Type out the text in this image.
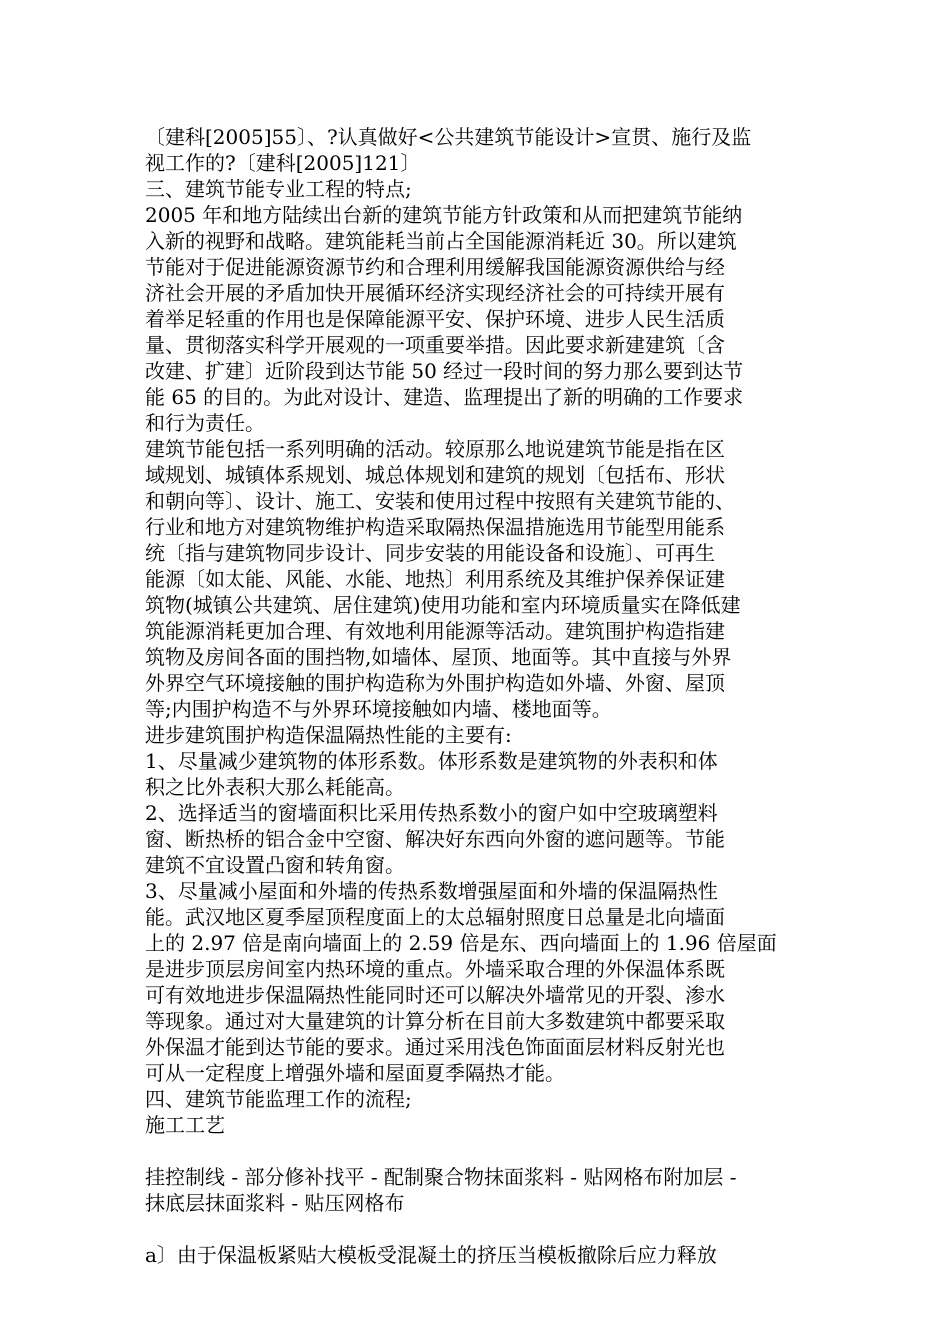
〔建科[2005]55〕、?认真做好<公共建筑节能设计>宣贯、施行及监
视工作的?〔建科[2005]121〕
三、建筑节能专业工程的特点;
2005 年和地方陆续出台新的建筑节能方针政策和从而把建筑节能纳
入新的视野和战略。建筑能耗当前占全国能源消耗近 30。所以建筑
节能对于促进能源资源节约和合理利用缓解我国能源资源供给与经
济社会开展的矛盾加快开展循环经济实现经济社会的可持续开展有
着举足轻重的作用也是保障能源平安、保护环境、进步人民生活质
量、贯彻落实科学开展观的一项重要举措。因此要求新建建筑〔含
改建、扩建〕近阶段到达节能 50 经过一段时间的努力那么要到达节
能 65 的目的。为此对设计、建造、监理提出了新的明确的工作要求
和行为责任。
建筑节能包括一系列明确的活动。较原那么地说建筑节能是指在区
域规划、城镇体系规划、城总体规划和建筑的规划〔包括布、形状
和朝向等〕、设计、施工、安装和使用过程中按照有关建筑节能的、
行业和地方对建筑物维护构造采取隔热保温措施选用节能型用能系
统〔指与建筑物同步设计、同步安装的用能设备和设施〕、可再生
能源〔如太能、风能、水能、地热〕利用系统及其维护保养保证建
筑物(城镇公共建筑、居住建筑)使用功能和室内环境质量实在降低建
筑能源消耗更加合理、有效地利用能源等活动。建筑围护构造指建
筑物及房间各面的围挡物,如墙体、屋顶、地面等。其中直接与外界
外界空气环境接触的围护构造称为外围护构造如外墙、外窗、屋顶
等;内围护构造不与外界环境接触如内墙、楼地面等。
进步建筑围护构造保温隔热性能的主要有:
1、尽量减少建筑物的体形系数。体形系数是建筑物的外表积和体
积之比外表积大那么耗能高。
2、选择适当的窗墙面积比采用传热系数小的窗户如中空玻璃塑料
窗、断热桥的铝合金中空窗、解决好东西向外窗的遮问题等。节能
建筑不宜设置凸窗和转角窗。
3、尽量减小屋面和外墙的传热系数增强屋面和外墙的保温隔热性
能。武汉地区夏季屋顶程度面上的太总辐射照度日总量是北向墙面
上的 2.97 倍是南向墙面上的 2.59 倍是东、西向墙面上的 1.96 倍屋面
是进步顶层房间室内热环境的重点。外墙采取合理的外保温体系既
可有效地进步保温隔热性能同时还可以解决外墙常见的开裂、渗水
等现象。通过对大量建筑的计算分析在目前大多数建筑中都要采取
外保温才能到达节能的要求。通过采用浅色饰面面层材料反射光也
可从一定程度上增强外墙和屋面夏季隔热才能。
四、建筑节能监理工作的流程;
施工工艺
挂控制线 - 部分修补找平 - 配制聚合物抹面浆料 - 贴网格布附加层 -
抹底层抹面浆料 - 贴压网格布
a〕由于保温板紧贴大模板受混凝土的挤压当模板撤除后应力释放
